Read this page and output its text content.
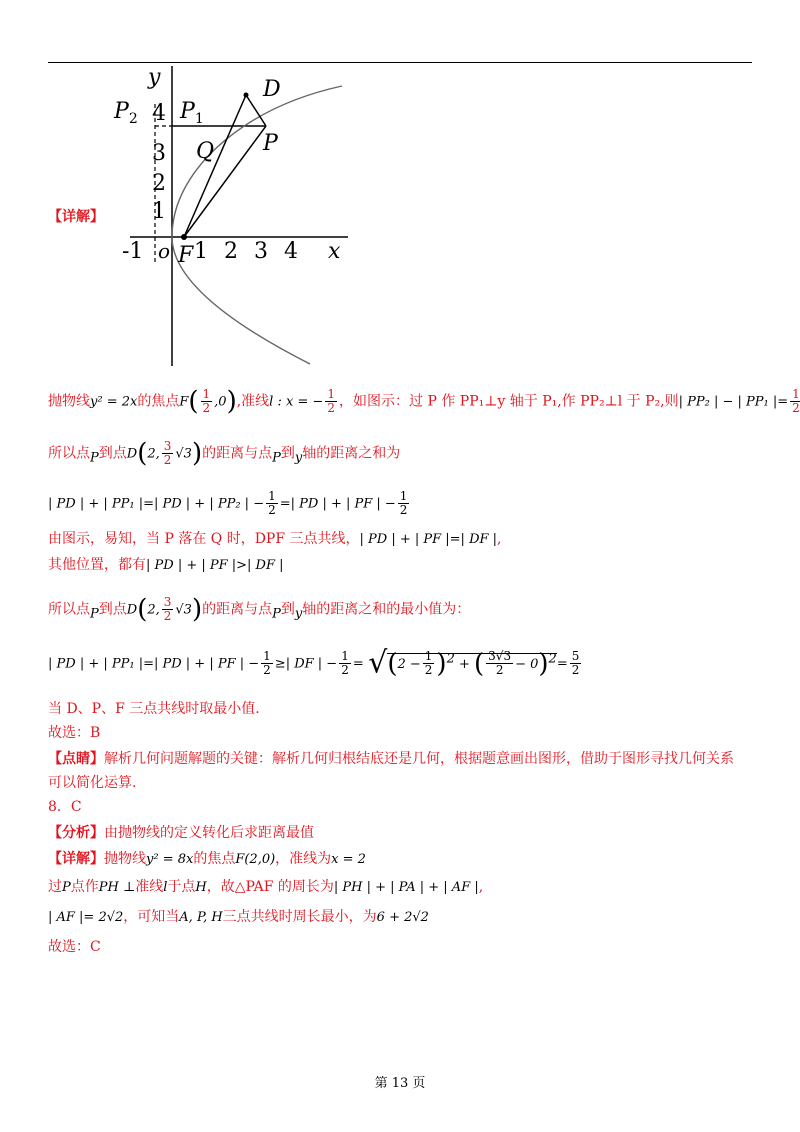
y
x
o F
D
P
Q
$P_1$
$P_2$
-1 1 2 3 4
1
2
3
4
【详解】
抛物线y² = 2x的焦点$F( \frac{1}{2} ,0)$,准线l : x = − $\frac{1}{2}$ ，如图示：过 P 作 PP₁⊥y 轴于 P₁,作 PP₂⊥l 于 P₂,则| PP₂ | − | PP₁ |= $\frac{1}{2}$
所以点$_P$到点D(2, $\frac{3}{2} √3$)的距离与点$_P$到$_y$轴的距离之和为
| PD | + | PP₁ |=| PD | + | PP₂ | − $\frac{1}{2}$ =| PD | + | PF | − $\frac{1}{2}$
由图示，易知，当 P 落在 Q 时，DPF 三点共线，| PD | + | PF |=| DF |,
其他位置，都有| PD | + | PF |>| DF |
所以点$_P$到点D(2, $\frac{3}{2} √3$)的距离与点$_P$到$_y$轴的距离之和的最小值为：
| PD | + | PP₁ |=| PD | + | PF | − $\frac{1}{2}$ ≥| DF | − $\frac{1}{2} = √(2 - \frac{1}{2} )^2$ + ( $\frac{3√3}{2} - 0)^2= \frac{5}{2}$
当 D、P、F 三点共线时取最小值.
故选：B
【点睛】解析几何问题解题的关键：解析几何归根结底还是几何，根据题意画出图形，借助于图形寻找几何关系
可以简化运算.
8．C
【分析】由抛物线的定义转化后求距离最值
【详解】抛物线y² = 8x的焦点F(2,0)，准线为x = 2
过P点作PH ⊥准线l于点H，故△PAF 的周长为| PH | + | PA | + | AF |,
| AF |= 2√2，可知当A, P, H三点共线时周长最小，为6 + 2√2
故选：C
第 13 页
